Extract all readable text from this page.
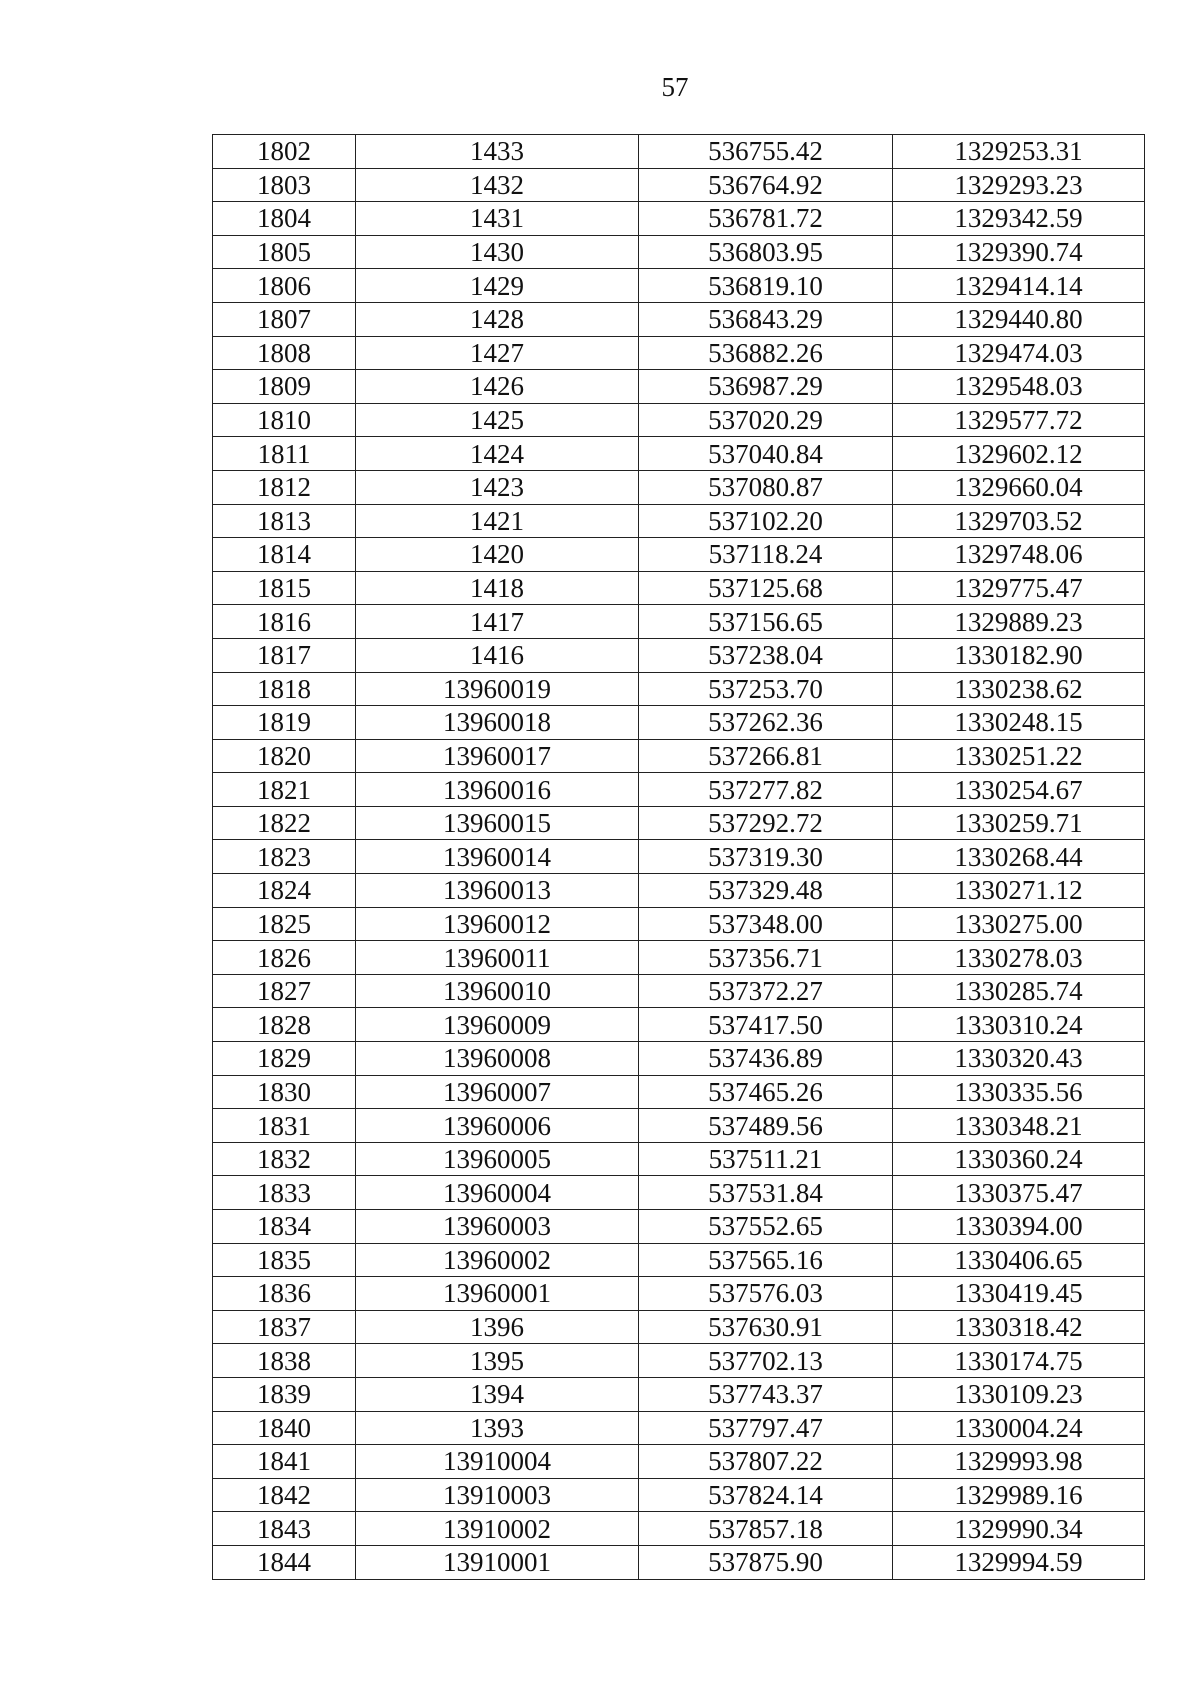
57
1802	1433	536755.42	1329253.31
1803	1432	536764.92	1329293.23
1804	1431	536781.72	1329342.59
1805	1430	536803.95	1329390.74
1806	1429	536819.10	1329414.14
1807	1428	536843.29	1329440.80
1808	1427	536882.26	1329474.03
1809	1426	536987.29	1329548.03
1810	1425	537020.29	1329577.72
1811	1424	537040.84	1329602.12
1812	1423	537080.87	1329660.04
1813	1421	537102.20	1329703.52
1814	1420	537118.24	1329748.06
1815	1418	537125.68	1329775.47
1816	1417	537156.65	1329889.23
1817	1416	537238.04	1330182.90
1818	13960019	537253.70	1330238.62
1819	13960018	537262.36	1330248.15
1820	13960017	537266.81	1330251.22
1821	13960016	537277.82	1330254.67
1822	13960015	537292.72	1330259.71
1823	13960014	537319.30	1330268.44
1824	13960013	537329.48	1330271.12
1825	13960012	537348.00	1330275.00
1826	13960011	537356.71	1330278.03
1827	13960010	537372.27	1330285.74
1828	13960009	537417.50	1330310.24
1829	13960008	537436.89	1330320.43
1830	13960007	537465.26	1330335.56
1831	13960006	537489.56	1330348.21
1832	13960005	537511.21	1330360.24
1833	13960004	537531.84	1330375.47
1834	13960003	537552.65	1330394.00
1835	13960002	537565.16	1330406.65
1836	13960001	537576.03	1330419.45
1837	1396	537630.91	1330318.42
1838	1395	537702.13	1330174.75
1839	1394	537743.37	1330109.23
1840	1393	537797.47	1330004.24
1841	13910004	537807.22	1329993.98
1842	13910003	537824.14	1329989.16
1843	13910002	537857.18	1329990.34
1844	13910001	537875.90	1329994.59
